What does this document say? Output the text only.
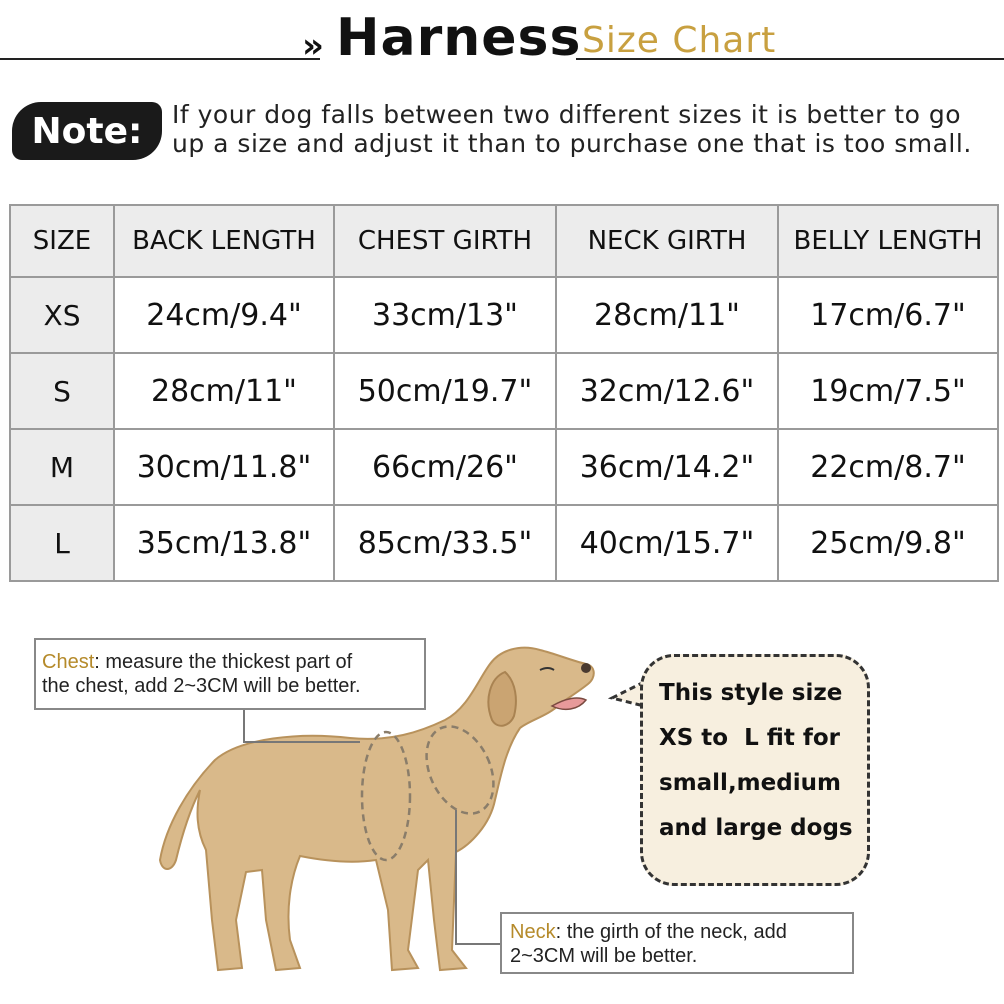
» Harness Size Chart
Note:	If your dog falls between two different sizes it is better to go
up a size and adjust it than to purchase one that is too small.
SIZE	BACK LENGTH	CHEST GIRTH	NECK GIRTH	BELLY LENGTH
XS	24cm/9.4"	33cm/13"	28cm/11"	17cm/6.7"
S	28cm/11"	50cm/19.7"	32cm/12.6"	19cm/7.5"
M	30cm/11.8"	66cm/26"	36cm/14.2"	22cm/8.7"
L	35cm/13.8"	85cm/33.5"	40cm/15.7"	25cm/9.8"
Chest: measure the thickest part of
the chest, add 2~3CM will be better.
Neck: the girth of the neck, add
2~3CM will be better.
This style size
XS to  L fit for
small,medium
and large dogs
